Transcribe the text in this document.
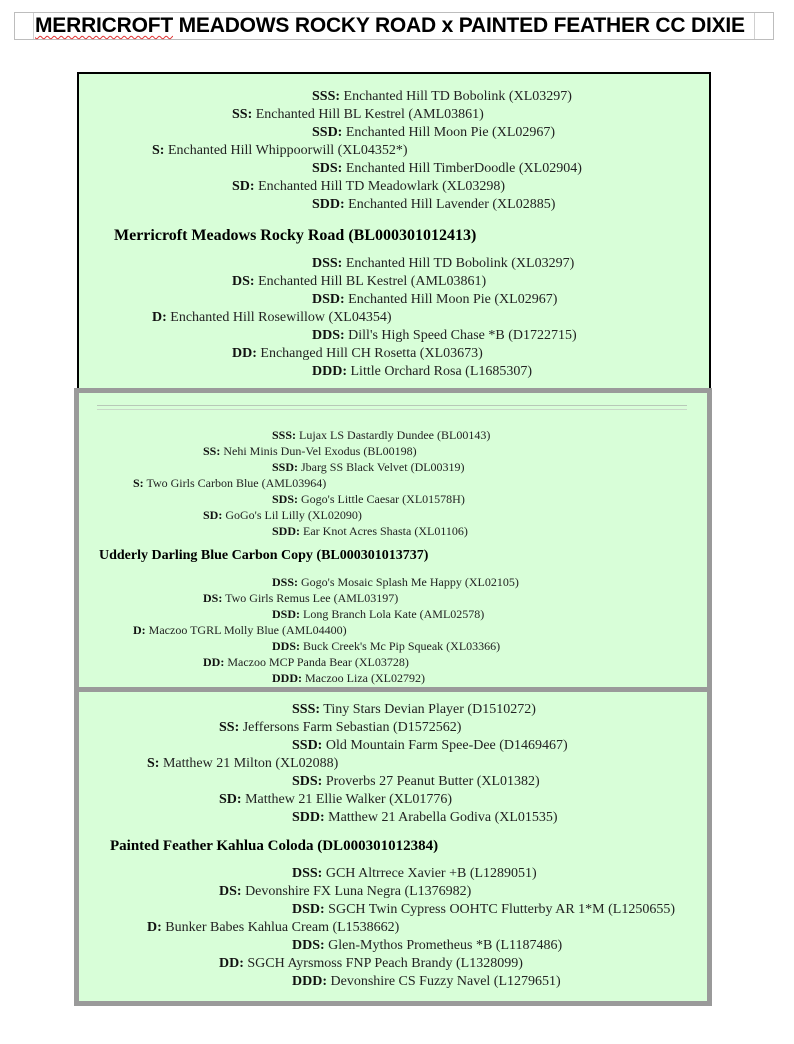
MERRICROFT MEADOWS ROCKY ROAD x PAINTED FEATHER CC DIXIE
SSS: Enchanted Hill TD Bobolink (XL03297)
SS: Enchanted Hill BL Kestrel (AML03861)
SSD: Enchanted Hill Moon Pie (XL02967)
S: Enchanted Hill Whippoorwill (XL04352*)
SDS: Enchanted Hill TimberDoodle (XL02904)
SD: Enchanted Hill TD Meadowlark (XL03298)
SDD: Enchanted Hill Lavender (XL02885)
Merricroft Meadows Rocky Road (BL000301012413)
DSS: Enchanted Hill TD Bobolink (XL03297)
DS: Enchanted Hill BL Kestrel (AML03861)
DSD: Enchanted Hill Moon Pie (XL02967)
D: Enchanted Hill Rosewillow (XL04354)
DDS: Dill's High Speed Chase *B (D1722715)
DD: Enchanged Hill CH Rosetta (XL03673)
DDD: Little Orchard Rosa (L1685307)
SSS: Lujax LS Dastardly Dundee (BL00143)
SS: Nehi Minis Dun-Vel Exodus (BL00198)
SSD: Jbarg SS Black Velvet (DL00319)
S: Two Girls Carbon Blue (AML03964)
SDS: Gogo's Little Caesar (XL01578H)
SD: GoGo's Lil Lilly (XL02090)
SDD: Ear Knot Acres Shasta (XL01106)
Udderly Darling Blue Carbon Copy (BL000301013737)
DSS: Gogo's Mosaic Splash Me Happy (XL02105)
DS: Two Girls Remus Lee (AML03197)
DSD: Long Branch Lola Kate (AML02578)
D: Maczoo TGRL Molly Blue (AML04400)
DDS: Buck Creek's Mc Pip Squeak (XL03366)
DD: Maczoo MCP Panda Bear (XL03728)
DDD: Maczoo Liza (XL02792)
SSS: Tiny Stars Devian Player (D1510272)
SS: Jeffersons Farm Sebastian (D1572562)
SSD: Old Mountain Farm Spee-Dee (D1469467)
S: Matthew 21 Milton (XL02088)
SDS: Proverbs 27 Peanut Butter (XL01382)
SD: Matthew 21 Ellie Walker (XL01776)
SDD: Matthew 21 Arabella Godiva (XL01535)
Painted Feather Kahlua Coloda (DL000301012384)
DSS: GCH Altrrece Xavier +B (L1289051)
DS: Devonshire FX Luna Negra (L1376982)
DSD: SGCH Twin Cypress OOHTC Flutterby AR 1*M (L1250655)
D: Bunker Babes Kahlua Cream (L1538662)
DDS: Glen-Mythos Prometheus *B (L1187486)
DD: SGCH Ayrsmoss FNP Peach Brandy (L1328099)
DDD: Devonshire CS Fuzzy Navel (L1279651)
